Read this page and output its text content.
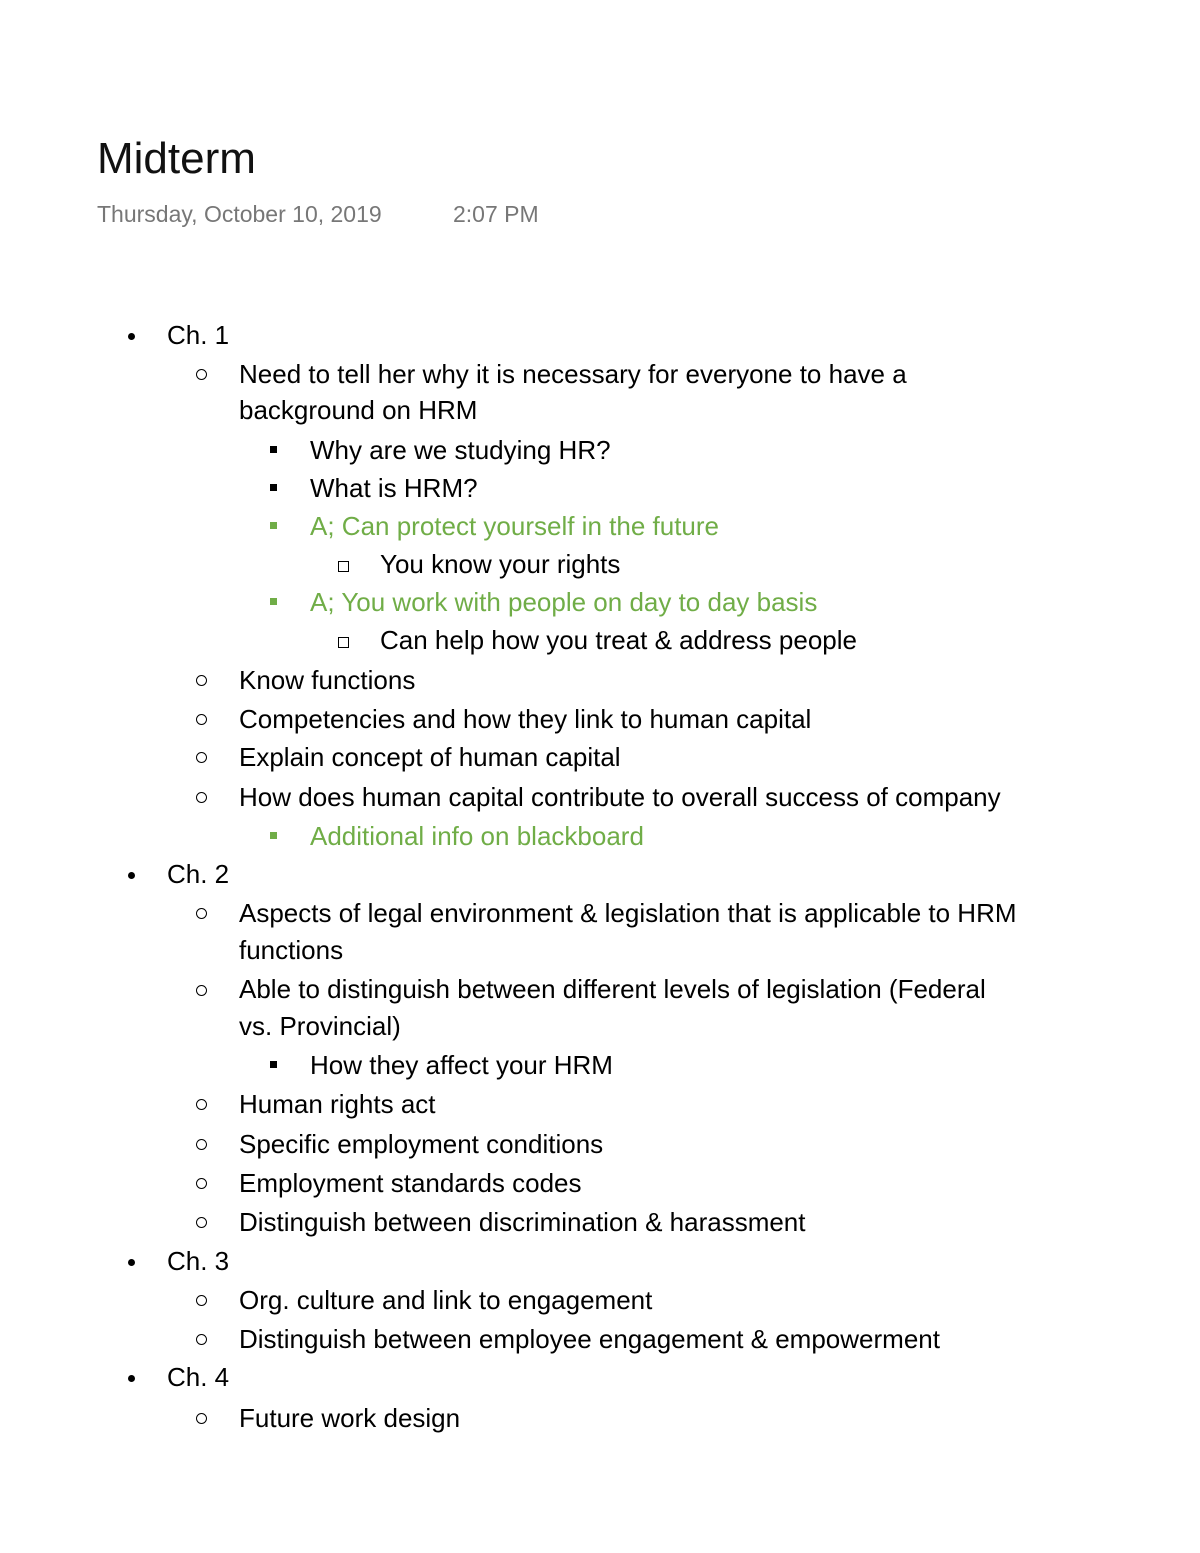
Midterm
Thursday, October 10, 2019	2:07 PM
Ch. 1
Need to tell her why it is necessary for everyone to have a
background on HRM
Why are we studying HR?
What is HRM?
A; Can protect yourself in the future
You know your rights
A; You work with people on day to day basis
Can help how you treat & address people
Know functions
Competencies and how they link to human capital
Explain concept of human capital
How does human capital contribute to overall success of company
Additional info on blackboard
Ch. 2
Aspects of legal environment & legislation that is applicable to HRM
functions
Able to distinguish between different levels of legislation (Federal
vs. Provincial)
How they affect your HRM
Human rights act
Specific employment conditions
Employment standards codes
Distinguish between discrimination & harassment
Ch. 3
Org. culture and link to engagement
Distinguish between employee engagement & empowerment
Ch. 4
Future work design
